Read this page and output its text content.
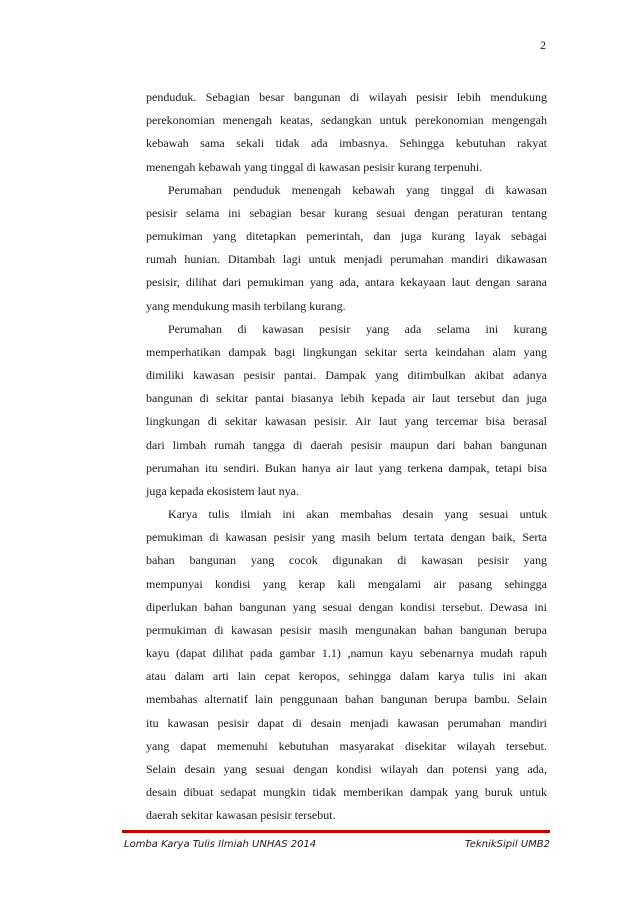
2
penduduk. Sebagian besar bangunan di wilayah pesisir lebih mendukung
perekonomian menengah keatas, sedangkan untuk perekonomian mengengah
kebawah sama sekali tidak ada imbasnya. Sehingga kebutuhan rakyat
menengah kebawah yang tinggal di kawasan pesisir kurang terpenuhi.
Perumahan penduduk menengah kebawah yang tinggal di kawasan
pesisir selama ini sebagian besar kurang sesuai dengan peraturan tentang
pemukiman yang ditetapkan pemerintah, dan juga kurang layak sebagai
rumah hunian. Ditambah lagi untuk menjadi perumahan mandiri dikawasan
pesisir, dilihat dari pemukiman yang ada, antara kekayaan laut dengan sarana
yang mendukung masih terbilang kurang.
Perumahan di kawasan pesisir yang ada selama ini kurang
memperhatikan dampak bagi lingkungan sekitar serta keindahan alam yang
dimiliki kawasan pesisir pantai. Dampak yang ditimbulkan akibat adanya
bangunan di sekitar pantai biasanya lebih kepada air laut tersebut dan juga
lingkungan di sekitar kawasan pesisir. Air laut yang tercemar bisa berasal
dari limbah rumah tangga di daerah pesisir maupun dari bahan bangunan
perumahan itu sendiri. Bukan hanya air laut yang terkena dampak, tetapi bisa
juga kepada ekosistem laut nya.
Karya tulis ilmiah ini akan membahas desain yang sesuai untuk
pemukiman di kawasan pesisir yang masih belum tertata dengan baik, Serta
bahan bangunan yang cocok digunakan di kawasan pesisir yang
mempunyai kondisi yang kerap kali mengalami air pasang sehingga
diperlukan bahan bangunan yang sesuai dengan kondisi tersebut. Dewasa ini
permukiman di kawasan pesisir masih mengunakan bahan bangunan berupa
kayu (dapat dilihat pada gambar 1.1) ,namun kayu sebenarnya mudah rapuh
atau dalam arti lain cepat keropos, sehingga dalam karya tulis ini akan
membahas alternatif lain penggunaan bahan bangunan berupa bambu. Selain
itu kawasan pesisir dapat di desain menjadi kawasan perumahan mandiri
yang dapat memenuhi kebutuhan masyarakat disekitar wilayah tersebut.
Selain desain yang sesuai dengan kondisi wilayah dan potensi yang ada,
desain dibuat sedapat mungkin tidak memberikan dampak yang buruk untuk
daerah sekitar kawasan pesisir tersebut.
Lomba Karya Tulis Ilmiah UNHAS 2014	TeknikSipil UMB2
